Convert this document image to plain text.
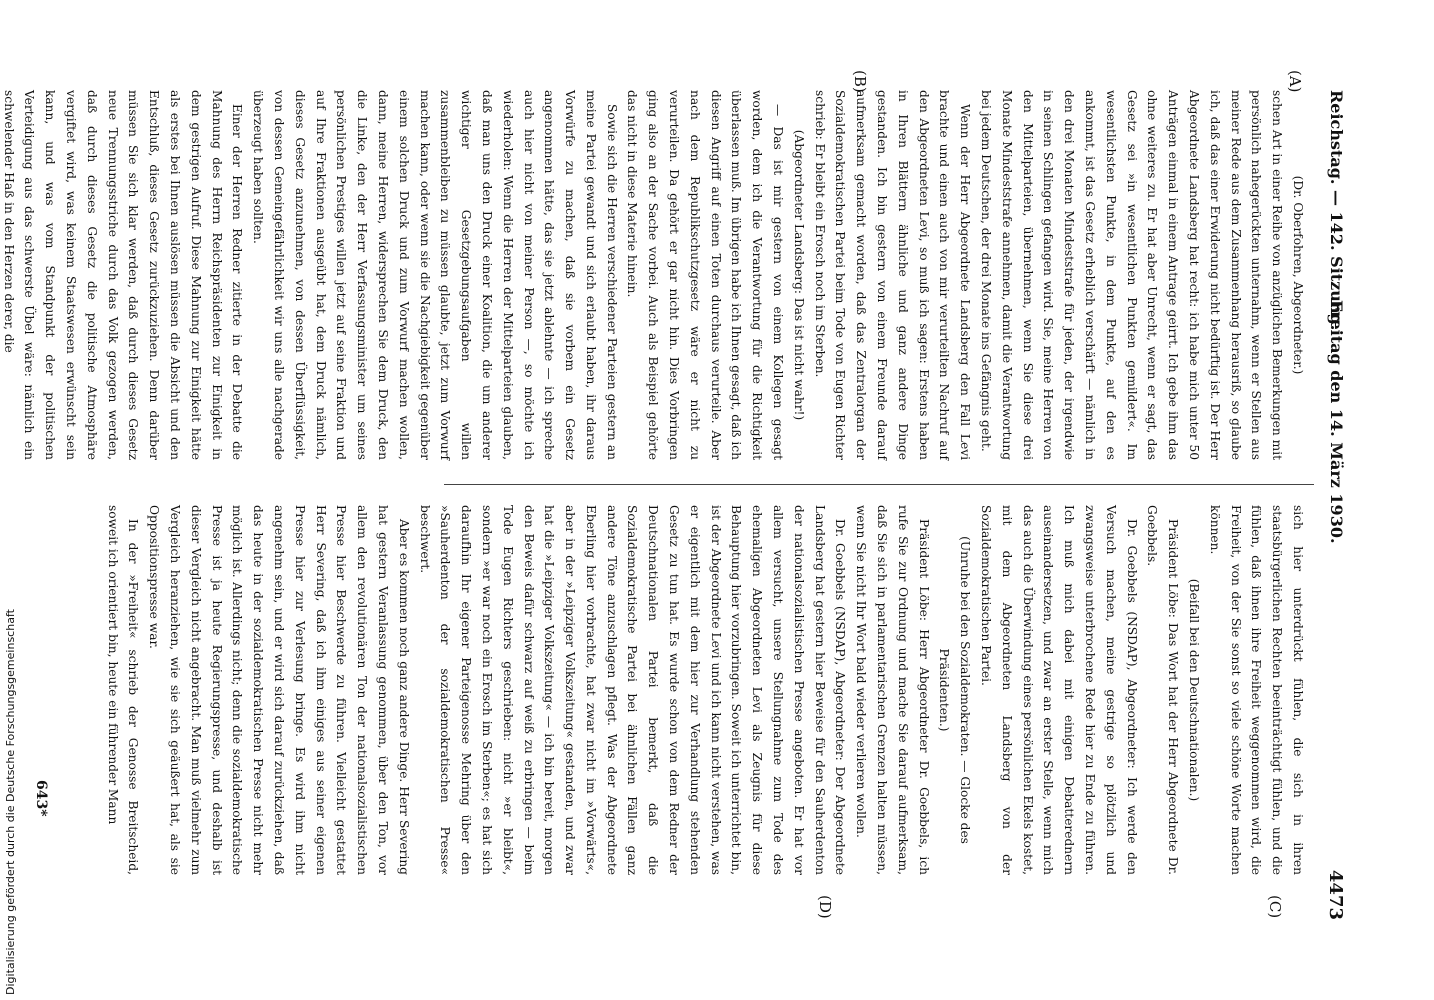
Reichstag. — 142. Sitzung.
Freitag den 14. März 1930.
4473
(A)
(B)
(C)
(D)

(Dr. Oberfohren, Abgeordneter.)

schen Art in einer Reihe von anzüglichen Bemerkungen mit persönlich nahegerückten unternahm, wenn er Stellen aus meiner Rede aus dem Zusammenhang herausriß, so glaube ich, daß das einer Erwiderung nicht bedürftig ist. Der Herr Abgeordnete Landsberg hat recht: ich habe mich unter 50 Anträgen einmal in einem Antrage geirrt. Ich gebe ihm das ohne weiteres zu. Er hat aber Unrecht, wenn er sagt, das Gesetz sei »in wesentlichen Punkten gemildert«. Im wesentlichsten Punkte, in dem Punkte, auf den es ankommt, ist das Gesetz erheblich verschärft — nämlich in den drei Monaten Mindeststrafe für jeden, der irgendwie in seinen Schlingen gefangen wird. Sie, meine Herren von den Mittelparteien, übernehmen, wenn Sie diese drei Monate Mindeststrafe annehmen, damit die Verantwortung bei jedem Deutschen, der drei Monate ins Gefängnis geht.

Wenn der Herr Abgeordnete Landsberg den Fall Levi brachte und einen auch von mir verurteilten Nachruf auf den Abgeordneten Levi, so muß ich sagen: Erstens haben in Ihren Blättern ähnliche und ganz andere Dinge gestanden. Ich bin gestern von einem Freunde darauf aufmerksam gemacht worden, daß das Zentralorgan der Sozialdemokratischen Partei beim Tode von Eugen Richter schrieb: Er bleibt ein Erosch noch im Sterben.

(Abgeordneter Landsberg: Das ist nicht wahr!)

— Das ist mir gestern von einem Kollegen gesagt worden, dem ich die Verantwortung für die Richtigkeit überlassen muß. Im übrigen habe ich Ihnen gesagt, daß ich diesen Angriff auf einen Toten durchaus verurteile. Aber nach dem Republikschutzgesetz wäre er nicht zu verurteilen. Da gehört er gar nicht hin. Dies Vorbringen ging also an der Sache vorbei. Auch als Beispiel gehörte das nicht in diese Materie hinein.

Sowie sich die Herren verschiedener Parteien gestern an meine Partei gewandt und sich erlaubt haben, ihr daraus Vorwürfe zu machen, daß sie vorbem ein Gesetz angenommen hätte, das sie jetzt ablehnte — ich spreche auch hier nicht von meiner Person —, so möchte ich wiederholen: Wenn die Herren der Mittelparteien glauben, daß man uns den Druck einer Koalition, die um anderer wichtiger Gesetzgebungsaufgaben willen zusammenbleiben zu müssen glaubte, jetzt zum Vorwurf machen kann, oder wenn sie die Nachgiebigkeit gegenüber einem solchen Druck und zum Vorwurf machen wollen, dann, meine Herren, widersprechen Sie dem Druck, den die Linke, den der Herr Verfassungsminister um seines persönlichen Prestiges willen jetzt auf seine Fraktion und auf Ihre Fraktionen ausgeübt hat, dem Druck nämlich, dieses Gesetz anzunehmen, von dessen Überflüssigkeit, von dessen Gemeingefährlichkeit wir uns alle nachgerade überzeugt haben sollten.

Einer der Herren Redner zitierte in der Debatte die Mahnung des Herrn Reichspräsidenten zur Einigkeit in dem gestrigen Aufruf. Diese Mahnung zur Einigkeit hätte als erstes bei Ihnen auslösen müssen die Absicht und den Entschluß, dieses Gesetz zurückzuziehen. Denn darüber müssen Sie sich klar werden, daß durch dieses Gesetz neue Trennungsstriche durch das Volk gezogen werden, daß durch dieses Gesetz die politische Atmosphäre vergiftet wird, was keinem Staatswesen erwünscht sein kann, und was vom Standpunkt der politischen Verteidigung aus das schwerste Übel wäre: nämlich ein schwelender Haß in den Herzen derer, die

sich hier unterdrückt fühlen, die sich in ihren staatsbürgerlichen Rechten beeinträchtigt fühlen, und die fühlen, daß ihnen ihre Freiheit weggenommen wird, die Freiheit, von der Sie sonst so viele schöne Worte machen können.

(Beifall bei den Deutschnationalen.)

Präsident Löbe: Das Wort hat der Herr Abgeordnete Dr. Goebbels.

Dr. Goebbels (NSDAP), Abgeordneter: Ich werde den Versuch machen, meine gestrige so plötzlich und zwangsweise unterbrochene Rede hier zu Ende zu führen. Ich muß mich dabei mit einigen Debatterednern auseinandersetzen, und zwar an erster Stelle, wenn mich das auch die Überwindung eines persönlichen Ekels kostet, mit dem Abgeordneten Landsberg von der Sozialdemokratischen Partei.

(Unruhe bei den Sozialdemokraten. — Glocke des Präsidenten.)

Präsident Löbe: Herr Abgeordneter Dr. Goebbels, ich rufe Sie zur Ordnung und mache Sie darauf aufmerksam, daß Sie sich in parlamentarischen Grenzen halten müssen, wenn Sie nicht Ihr Wort bald wieder verlieren wollen.

Dr. Goebbels (NSDAP), Abgeordneter: Der Abgeordnete Landsberg hat gestern hier Beweise für den Sauherdenton der nationalsozialistischen Presse angeboten. Er hat vor allem versucht, unsere Stellungnahme zum Tode des ehemaligen Abgeordneten Levi als Zeugnis für diese Behauptung hier vorzubringen. Soweit ich unterrichtet bin, ist der Abgeordnete Levi und ich kann nicht verstehen, was er eigentlich mit dem hier zur Verhandlung stehenden Gesetz zu tun hat. Es wurde schon von dem Redner der Deutschnationalen Partei bemerkt, daß die Sozialdemokratische Partei bei ähnlichen Fällen ganz andere Töne anzuschlagen pflegt. Was der Abgeordnete Eberling hier vorbrachte, hat zwar nicht im »Vorwärts«, aber in der »Leipziger Volkszeitung« gestanden, und zwar hat die »Leipziger Volkszeitung« — ich bin bereit, morgen den Beweis dafür schwarz auf weiß zu erbringen — beim Tode Eugen Richters geschrieben: nicht »er bleibt«, sondern »er war noch ein Erosch im Sterben«; es hat sich daraufhin Ihr eigener Parteigenosse Mehring über den »Sauherdenton der sozialdemokratischen Presse« beschwert.

Aber es kommen noch ganz andere Dinge. Herr Severing hat gestern Veranlassung genommen, über den Ton, vor allem den revolutionären Ton der nationalsozialistischen Presse hier Beschwerde zu führen. Vielleicht gestattet Herr Severing, daß ich ihm einiges aus seiner eigenen Presse hier zur Verlesung bringe. Es wird ihm nicht angenehm sein, und er wird sich darauf zurückziehen, daß das heute in der sozialdemokratischen Presse nicht mehr möglich ist. Allerdings nicht; denn die sozialdemokratische Presse ist ja heute Regierungspresse, und deshalb ist dieser Vergleich nicht angebracht. Man muß vielmehr zum Vergleich heranziehen, wie sie sich geäußert hat, als sie Oppositionspresse war.

In der »Freiheit« schrieb der Genosse Breitscheid, soweit ich orientiert bin, heute ein führender Mann

643*
Digitalisierung gefördert durch die Deutsche Forschungsgemeinschaft
